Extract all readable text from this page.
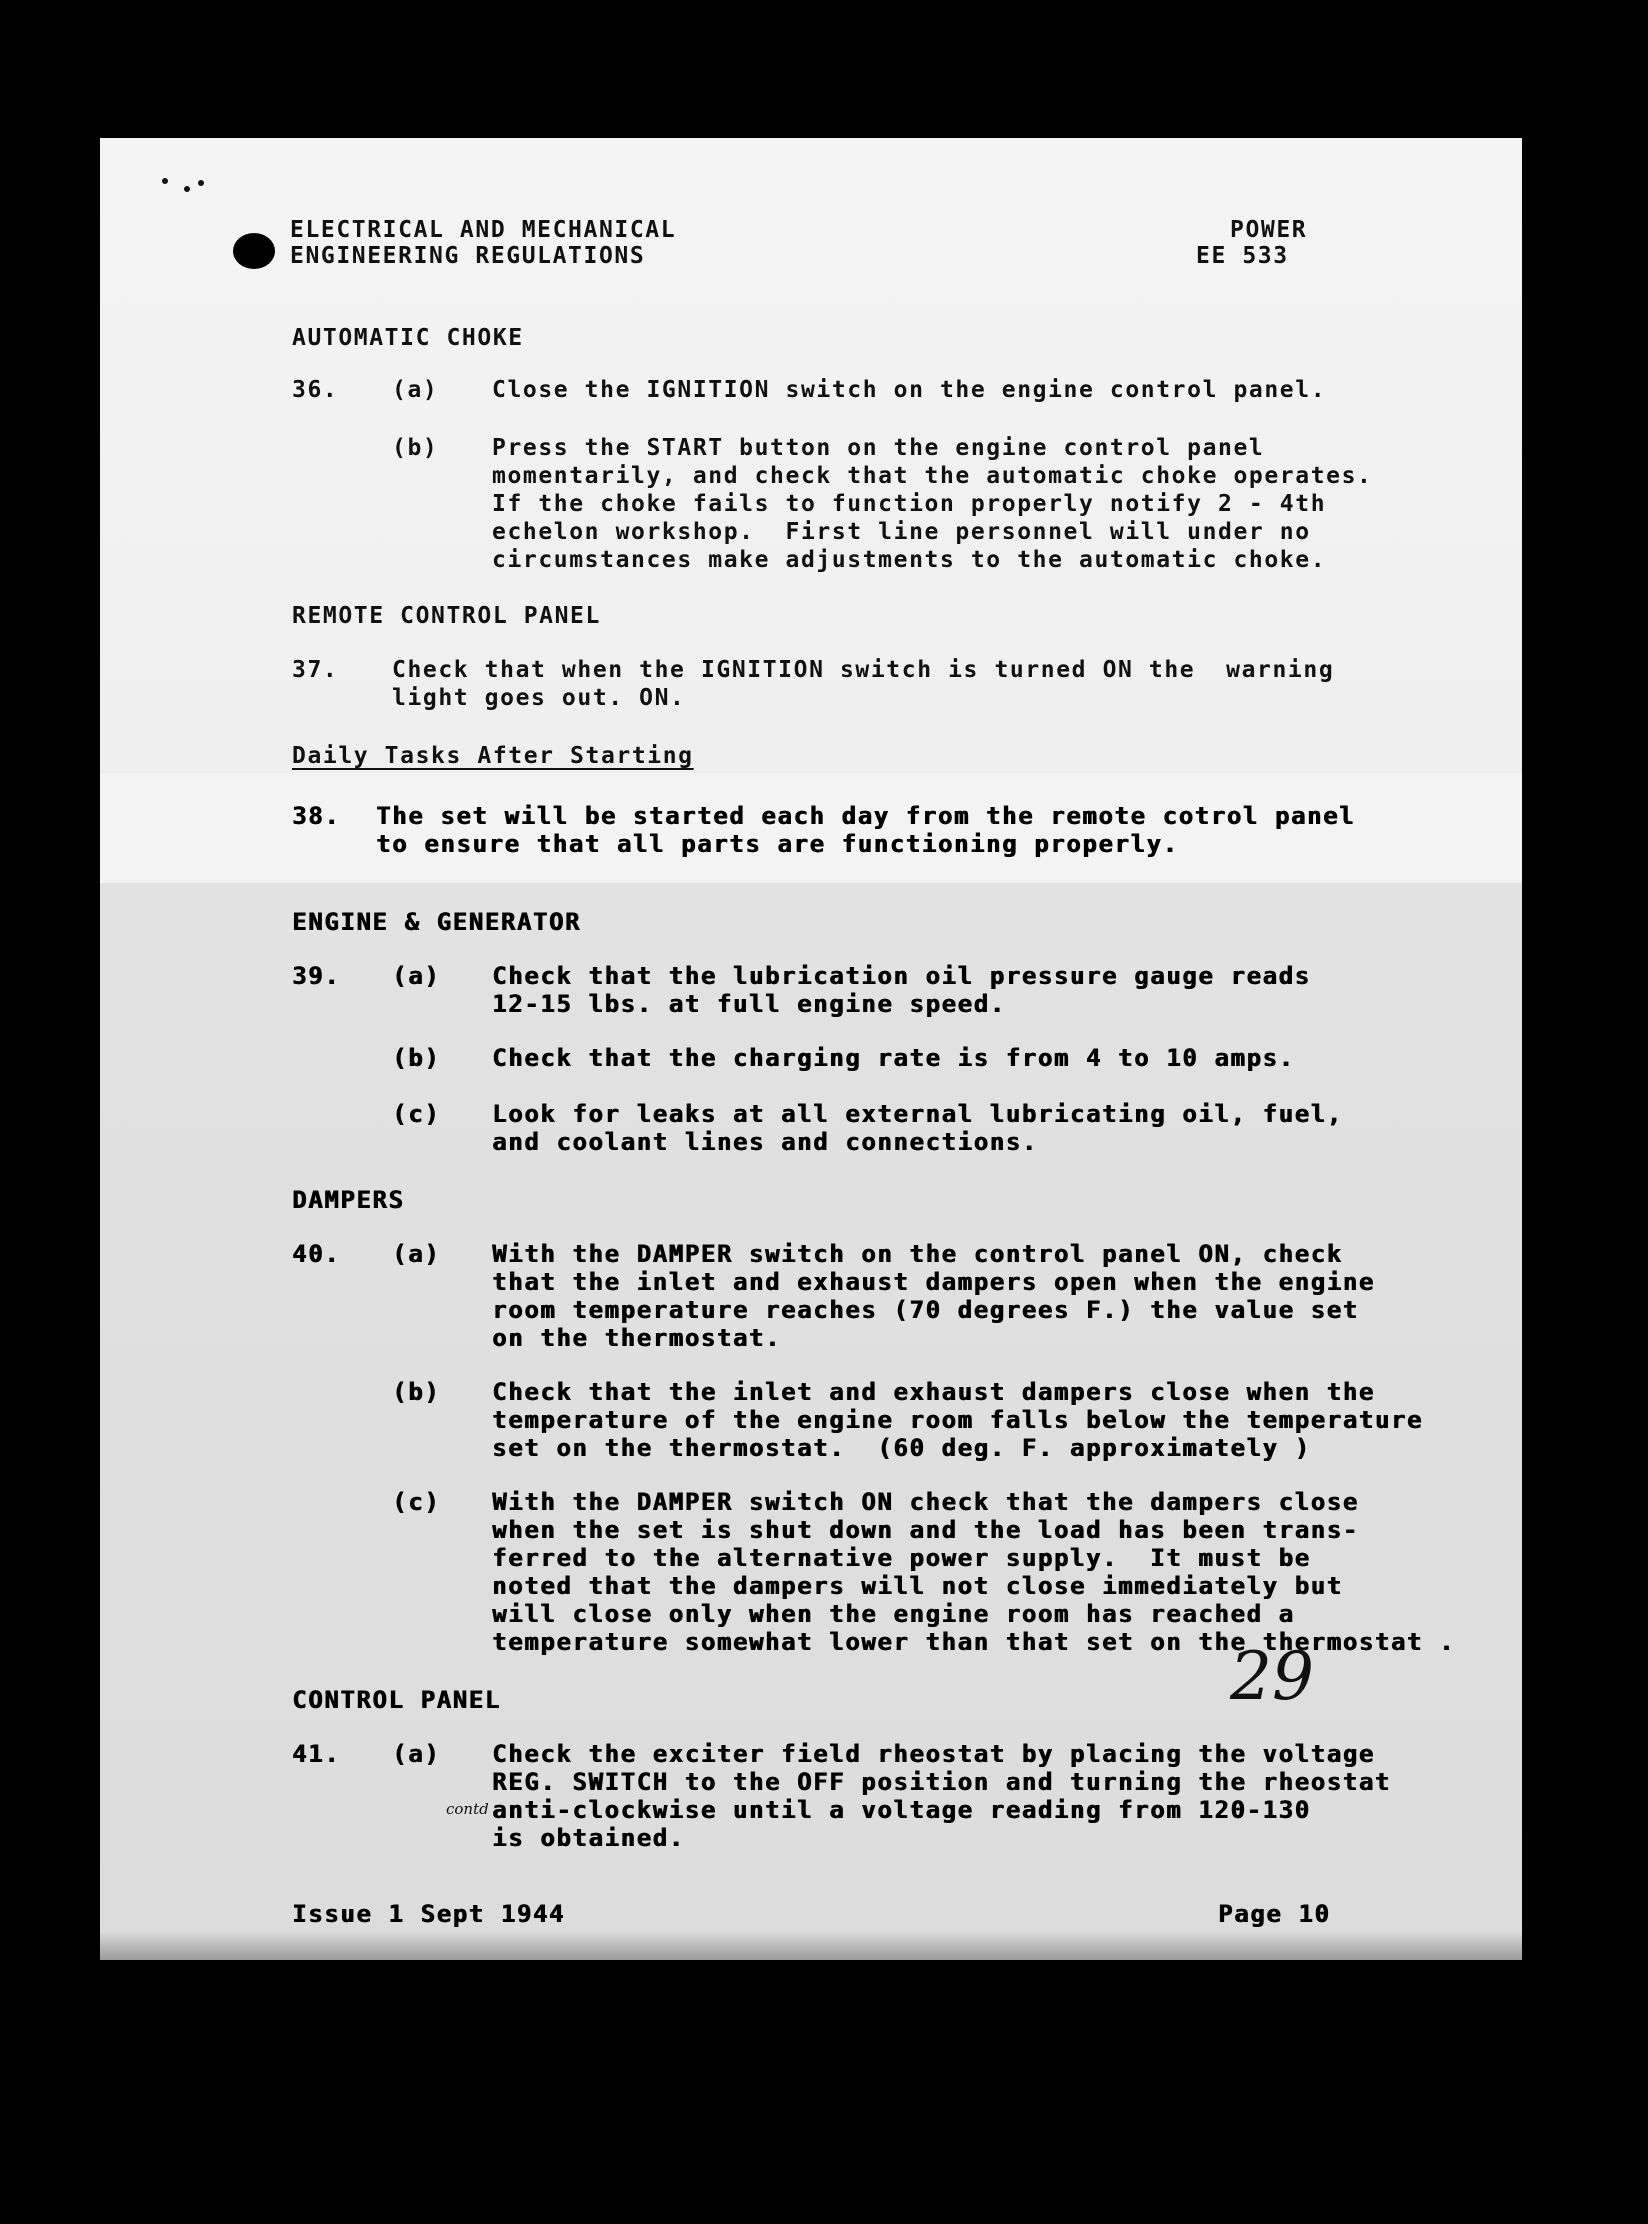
ELECTRICAL AND MECHANICAL
ENGINEERING REGULATIONS
POWER
EE 533
AUTOMATIC CHOKE
36. (a) Close the IGNITION switch on the engine control panel.
(b) Press the START button on the engine control panel
momentarily, and check that the automatic choke operates.
If the choke fails to function properly notify 2 - 4th
echelon workshop.  First line personnel will under no
circumstances make adjustments to the automatic choke.
REMOTE CONTROL PANEL
37. Check that when the IGNITION switch is turned ON the  warning
light goes out. ON.
Daily Tasks After Starting
38. The set will be started each day from the remote cotrol panel
to ensure that all parts are functioning properly.
ENGINE & GENERATOR
39. (a) Check that the lubrication oil pressure gauge reads
12-15 lbs. at full engine speed.
(b) Check that the charging rate is from 4 to 10 amps.
(c) Look for leaks at all external lubricating oil, fuel,
and coolant lines and connections.
DAMPERS
40. (a) With the DAMPER switch on the control panel ON, check
that the inlet and exhaust dampers open when the engine
room temperature reaches (70 degrees F.) the value set
on the thermostat.
(b) Check that the inlet and exhaust dampers close when the
temperature of the engine room falls below the temperature
set on the thermostat.  (60 deg. F. approximately )
(c) With the DAMPER switch ON check that the dampers close
when the set is shut down and the load has been trans-
ferred to the alternative power supply.  It must be
noted that the dampers will not close immediately but
will close only when the engine room has reached a
temperature somewhat lower than that set on the thermostat .
29
CONTROL PANEL
41. (a) Check the exciter field rheostat by placing the voltage
REG. SWITCH to the OFF position and turning the rheostat
contd anti-clockwise until a voltage reading from 120-130
is obtained.
Issue 1 Sept 1944	Page 10
